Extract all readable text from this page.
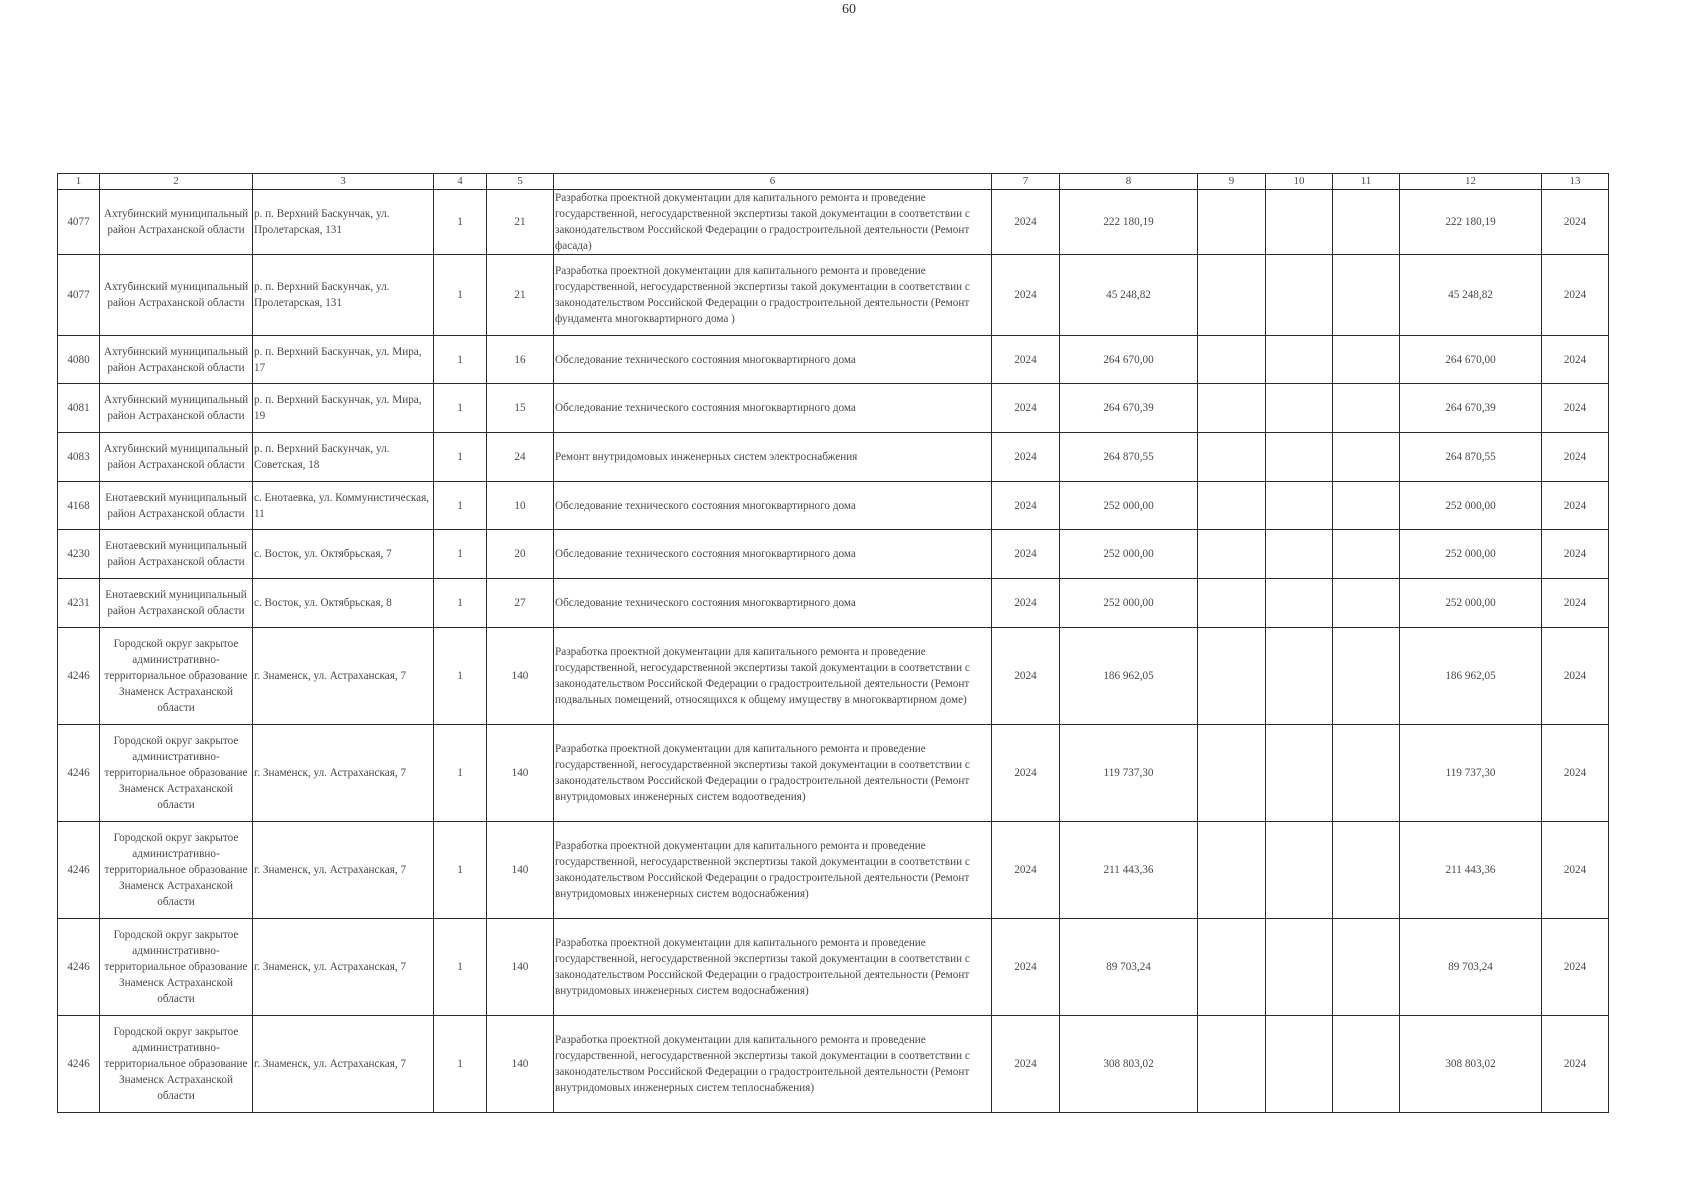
60
1	2	3	4	5	6	7	8	9	10	11	12	13
4077	Ахтубинский муниципальный район Астраханской области	р. п. Верхний Баскунчак, ул. Пролетарская, 131	1	21	Разработка проектной документации для капитального ремонта и проведение государственной, негосударственной экспертизы такой документации в соответствии с законодательством Российской Федерации о градостроительной деятельности (Ремонт фасада)	2024	222 180,19				222 180,19	2024
4077	Ахтубинский муниципальный район Астраханской области	р. п. Верхний Баскунчак, ул. Пролетарская, 131	1	21	Разработка проектной документации для капитального ремонта и проведение государственной, негосударственной экспертизы такой документации в соответствии с законодательством Российской Федерации о градостроительной деятельности (Ремонт фундамента многоквартирного дома )	2024	45 248,82				45 248,82	2024
4080	Ахтубинский муниципальный район Астраханской области	р. п. Верхний Баскунчак, ул. Мира, 17	1	16	Обследование технического состояния многоквартирного дома	2024	264 670,00				264 670,00	2024
4081	Ахтубинский муниципальный район Астраханской области	р. п. Верхний Баскунчак, ул. Мира, 19	1	15	Обследование технического состояния многоквартирного дома	2024	264 670,39				264 670,39	2024
4083	Ахтубинский муниципальный район Астраханской области	р. п. Верхний Баскунчак, ул. Советская, 18	1	24	Ремонт внутридомовых инженерных систем электроснабжения	2024	264 870,55				264 870,55	2024
4168	Енотаевский муниципальный район Астраханской области	с. Енотаевка, ул. Коммунистическая, 11	1	10	Обследование технического состояния многоквартирного дома	2024	252 000,00				252 000,00	2024
4230	Енотаевский муниципальный район Астраханской области	с. Восток, ул. Октябрьская, 7	1	20	Обследование технического состояния многоквартирного дома	2024	252 000,00				252 000,00	2024
4231	Енотаевский муниципальный район Астраханской области	с. Восток, ул. Октябрьская, 8	1	27	Обследование технического состояния многоквартирного дома	2024	252 000,00				252 000,00	2024
4246	Городской округ закрытое административно-территориальное образование Знаменск Астраханской области	г. Знаменск, ул. Астраханская, 7	1	140	Разработка проектной документации для капитального ремонта и проведение государственной, негосударственной экспертизы такой документации в соответствии с законодательством Российской Федерации о градостроительной деятельности (Ремонт подвальных помещений, относящихся к общему имуществу в многоквартирном доме)	2024	186 962,05				186 962,05	2024
4246	Городской округ закрытое административно-территориальное образование Знаменск Астраханской области	г. Знаменск, ул. Астраханская, 7	1	140	Разработка проектной документации для капитального ремонта и проведение государственной, негосударственной экспертизы такой документации в соответствии с законодательством Российской Федерации о градостроительной деятельности (Ремонт внутридомовых инженерных систем водоотведения)	2024	119 737,30				119 737,30	2024
4246	Городской округ закрытое административно-территориальное образование Знаменск Астраханской области	г. Знаменск, ул. Астраханская, 7	1	140	Разработка проектной документации для капитального ремонта и проведение государственной, негосударственной экспертизы такой документации в соответствии с законодательством Российской Федерации о градостроительной деятельности (Ремонт внутридомовых инженерных систем водоснабжения)	2024	211 443,36				211 443,36	2024
4246	Городской округ закрытое административно-территориальное образование Знаменск Астраханской области	г. Знаменск, ул. Астраханская, 7	1	140	Разработка проектной документации для капитального ремонта и проведение государственной, негосударственной экспертизы такой документации в соответствии с законодательством Российской Федерации о градостроительной деятельности (Ремонт внутридомовых инженерных систем водоснабжения)	2024	89 703,24				89 703,24	2024
4246	Городской округ закрытое административно-территориальное образование Знаменск Астраханской области	г. Знаменск, ул. Астраханская, 7	1	140	Разработка проектной документации для капитального ремонта и проведение государственной, негосударственной экспертизы такой документации в соответствии с законодательством Российской Федерации о градостроительной деятельности (Ремонт внутридомовых инженерных систем теплоснабжения)	2024	308 803,02				308 803,02	2024
